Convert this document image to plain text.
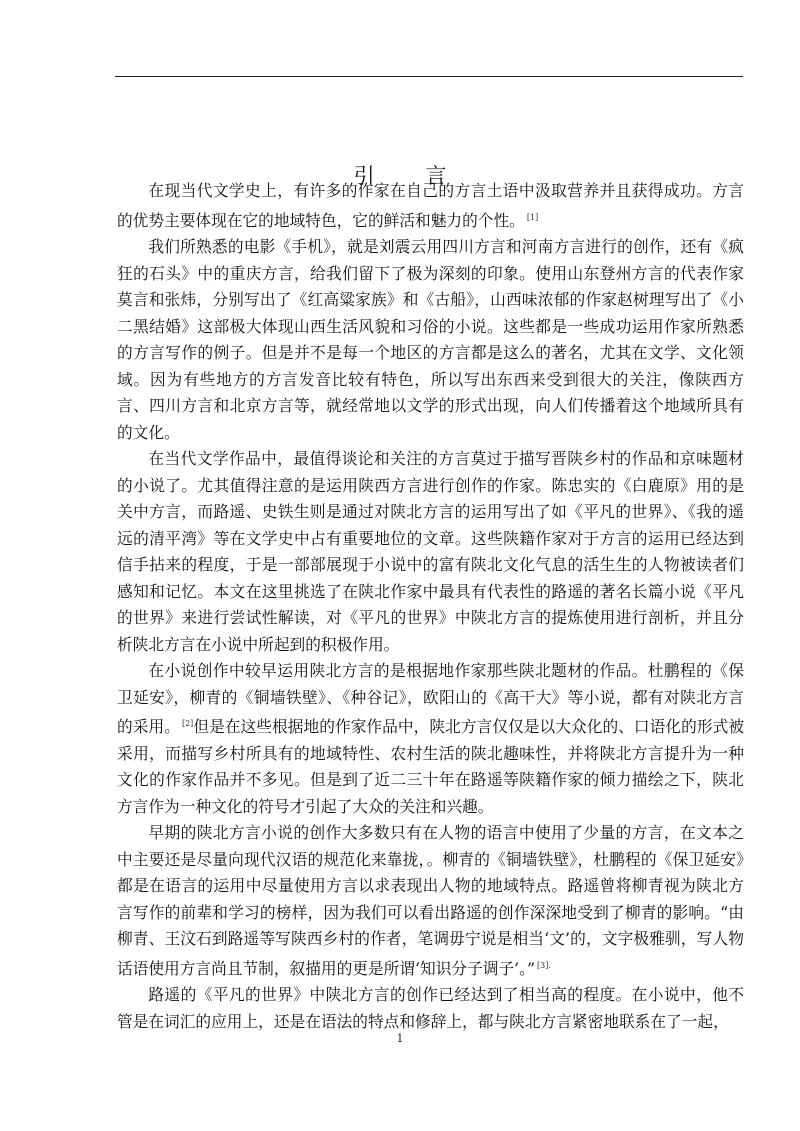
引 言

在现当代文学史上，有许多的作家在自己的方言土语中汲取营养并且获得成功。方言的优势主要体现在它的地域特色，它的鲜活和魅力的个性。 [1]

我们所熟悉的电影《手机》，就是刘震云用四川方言和河南方言进行的创作，还有《疯狂的石头》中的重庆方言，给我们留下了极为深刻的印象。使用山东登州方言的代表作家莫言和张炜，分别写出了《红高粱家族》和《古船》，山西味浓郁的作家赵树理写出了《小二黑结婚》这部极大体现山西生活风貌和习俗的小说。这些都是一些成功运用作家所熟悉的方言写作的例子。但是并不是每一个地区的方言都是这么的著名，尤其在文学、文化领域。因为有些地方的方言发音比较有特色，所以写出东西来受到很大的关注，像陕西方言、四川方言和北京方言等，就经常地以文学的形式出现，向人们传播着这个地域所具有的文化。

在当代文学作品中，最值得谈论和关注的方言莫过于描写晋陕乡村的作品和京味题材的小说了。尤其值得注意的是运用陕西方言进行创作的作家。陈忠实的《白鹿原》用的是关中方言，而路遥、史铁生则是通过对陕北方言的运用写出了如《平凡的世界》、《我的遥远的清平湾》等在文学史中占有重要地位的文章。这些陕籍作家对于方言的运用已经达到信手拈来的程度，于是一部部展现于小说中的富有陕北文化气息的活生生的人物被读者们感知和记忆。本文在这里挑选了在陕北作家中最具有代表性的路遥的著名长篇小说《平凡的世界》来进行尝试性解读，对《平凡的世界》中陕北方言的提炼使用进行剖析，并且分析陕北方言在小说中所起到的积极作用。

在小说创作中较早运用陕北方言的是根据地作家那些陕北题材的作品。杜鹏程的《保卫延安》，柳青的《铜墙铁壁》、《种谷记》，欧阳山的《高干大》等小说，都有对陕北方言的采用。 [2]但是在这些根据地的作家作品中，陕北方言仅仅是以大众化的、口语化的形式被采用，而描写乡村所具有的地域特性、农村生活的陕北趣味性，并将陕北方言提升为一种文化的作家作品并不多见。但是到了近二三十年在路遥等陕籍作家的倾力描绘之下，陕北方言作为一种文化的符号才引起了大众的关注和兴趣。

早期的陕北方言小说的创作大多数只有在人物的语言中使用了少量的方言，在文本之中主要还是尽量向现代汉语的规范化来靠拢，。柳青的《铜墙铁壁》，杜鹏程的《保卫延安》都是在语言的运用中尽量使用方言以求表现出人物的地域特点。路遥曾将柳青视为陕北方言写作的前辈和学习的榜样，因为我们可以看出路遥的创作深深地受到了柳青的影响。“由柳青、王汶石到路遥等写陕西乡村的作者，笔调毋宁说是相当‘文’的，文字极雅驯，写人物话语使用方言尚且节制，叙描用的更是所谓‘知识分子调子’。” $^{[3].}$

路遥的《平凡的世界》中陕北方言的创作已经达到了相当高的程度。在小说中，他不管是在词汇的应用上，还是在语法的特点和修辞上，都与陕北方言紧密地联系在了一起，

1
